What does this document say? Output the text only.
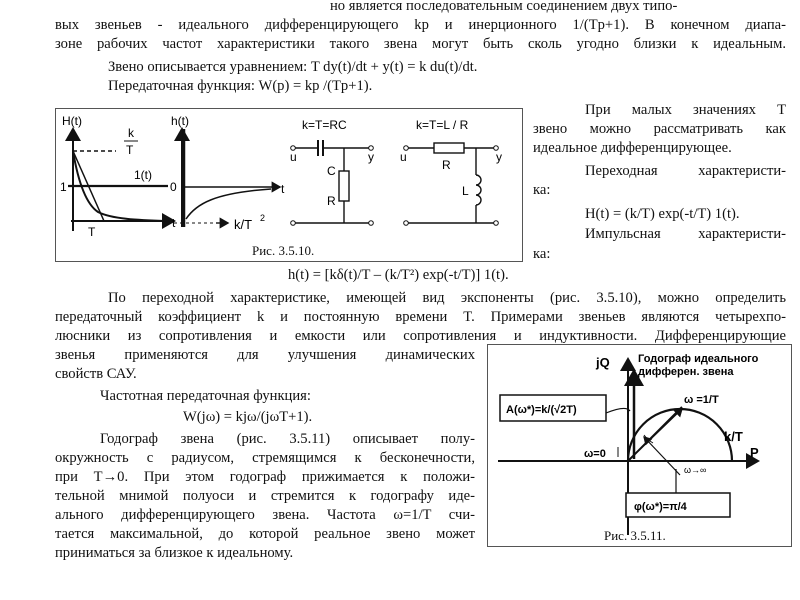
но является последовательным соединением двух типо-

вых звеньев - идеального дифференцирующего kp и инерционного 1/(Tp+1). В конечном диапа-

зоне рабочих частот характеристики такого звена могут быть сколь угодно близки к идеальным.

Звено описывается уравнением: T dy(t)/dt + y(t) = k du(t)/dt.

Передаточная функция: W(p) = kp /(Tp+1).

H(t)
k
T
1
1(t)
t
T
h(t)
0	t
k/T 2
k=T=RC
u	y
C
R
k=T=L / R
u	y
R
L
Рис. 3.5.10.

При малых значениях T

звено можно рассматривать как

идеальное дифференцирующее.

Переходная характеристи-

ка:

H(t) = (k/T) exp(-t/T) 1(t).

Импульсная характеристи-

ка:

h(t) = [kδ(t)/T – (k/T²) exp(-t/T)] 1(t).

По переходной характеристике, имеющей вид экспоненты (рис. 3.5.10), можно определить

передаточный коэффициент k и постоянную времени T. Примерами звеньев являются четырехпо-

люсники из сопротивления и емкости или сопротивления и индуктивности. Дифференцирующие

звенья применяются для улучшения динамических

свойств САУ.

Частотная передаточная функция:

W(jω) = kjω/(jωT+1).

Годограф звена (рис. 3.5.11) описывает полу-

окружность с радиусом, стремящимся к бесконечности,

при T→0. При этом годограф прижимается к положи-

тельной мнимой полуоси и стремится к годографу иде-

ального дифференцирующего звена. Частота ω=1/T счи-

тается максимальной, до которой реальное звено может

приниматься за близкое к идеальному.

jQ	Годограф идеального
дифферен. звена
A(ω*)=k/(√2T)
ω =1/T
k/T
ω=0
ω→∞
P
φ(ω*)=π/4
Рис. 3.5.11.
